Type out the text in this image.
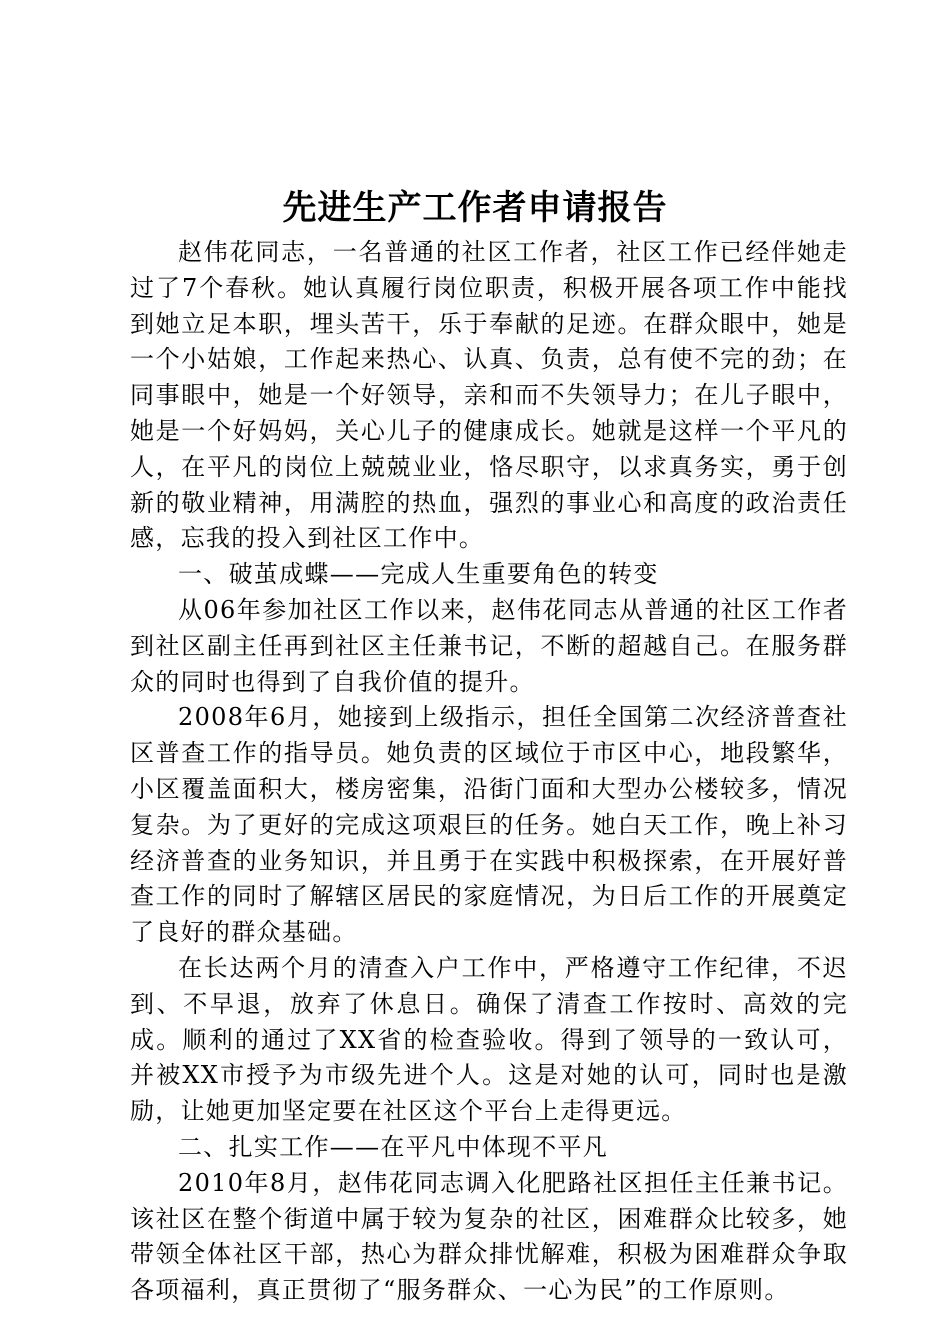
先进生产工作者申请报告

赵伟花同志，一名普通的社区工作者，社区工作已经伴她走过了7个春秋。她认真履行岗位职责，积极开展各项工作中能找到她立足本职，埋头苦干，乐于奉献的足迹。在群众眼中，她是一个小姑娘，工作起来热心、认真、负责，总有使不完的劲；在同事眼中，她是一个好领导，亲和而不失领导力；在儿子眼中，她是一个好妈妈，关心儿子的健康成长。她就是这样一个平凡的人，在平凡的岗位上兢兢业业，恪尽职守，以求真务实，勇于创新的敬业精神，用满腔的热血，强烈的事业心和高度的政治责任感，忘我的投入到社区工作中。

一、破茧成蝶——完成人生重要角色的转变

从06年参加社区工作以来，赵伟花同志从普通的社区工作者到社区副主任再到社区主任兼书记，不断的超越自己。在服务群众的同时也得到了自我价值的提升。

2008年6月，她接到上级指示，担任全国第二次经济普查社区普查工作的指导员。她负责的区域位于市区中心，地段繁华，小区覆盖面积大，楼房密集，沿街门面和大型办公楼较多，情况复杂。为了更好的完成这项艰巨的任务。她白天工作，晚上补习经济普查的业务知识，并且勇于在实践中积极探索，在开展好普查工作的同时了解辖区居民的家庭情况，为日后工作的开展奠定了良好的群众基础。

在长达两个月的清查入户工作中，严格遵守工作纪律，不迟到、不早退，放弃了休息日。确保了清查工作按时、高效的完成。顺利的通过了XX省的检查验收。得到了领导的一致认可，并被XX市授予为市级先进个人。这是对她的认可，同时也是激励，让她更加坚定要在社区这个平台上走得更远。

二、扎实工作——在平凡中体现不平凡

2010年8月，赵伟花同志调入化肥路社区担任主任兼书记。该社区在整个街道中属于较为复杂的社区，困难群众比较多，她带领全体社区干部，热心为群众排忧解难，积极为困难群众争取各项福利，真正贯彻了“服务群众、一心为民”的工作原则。
